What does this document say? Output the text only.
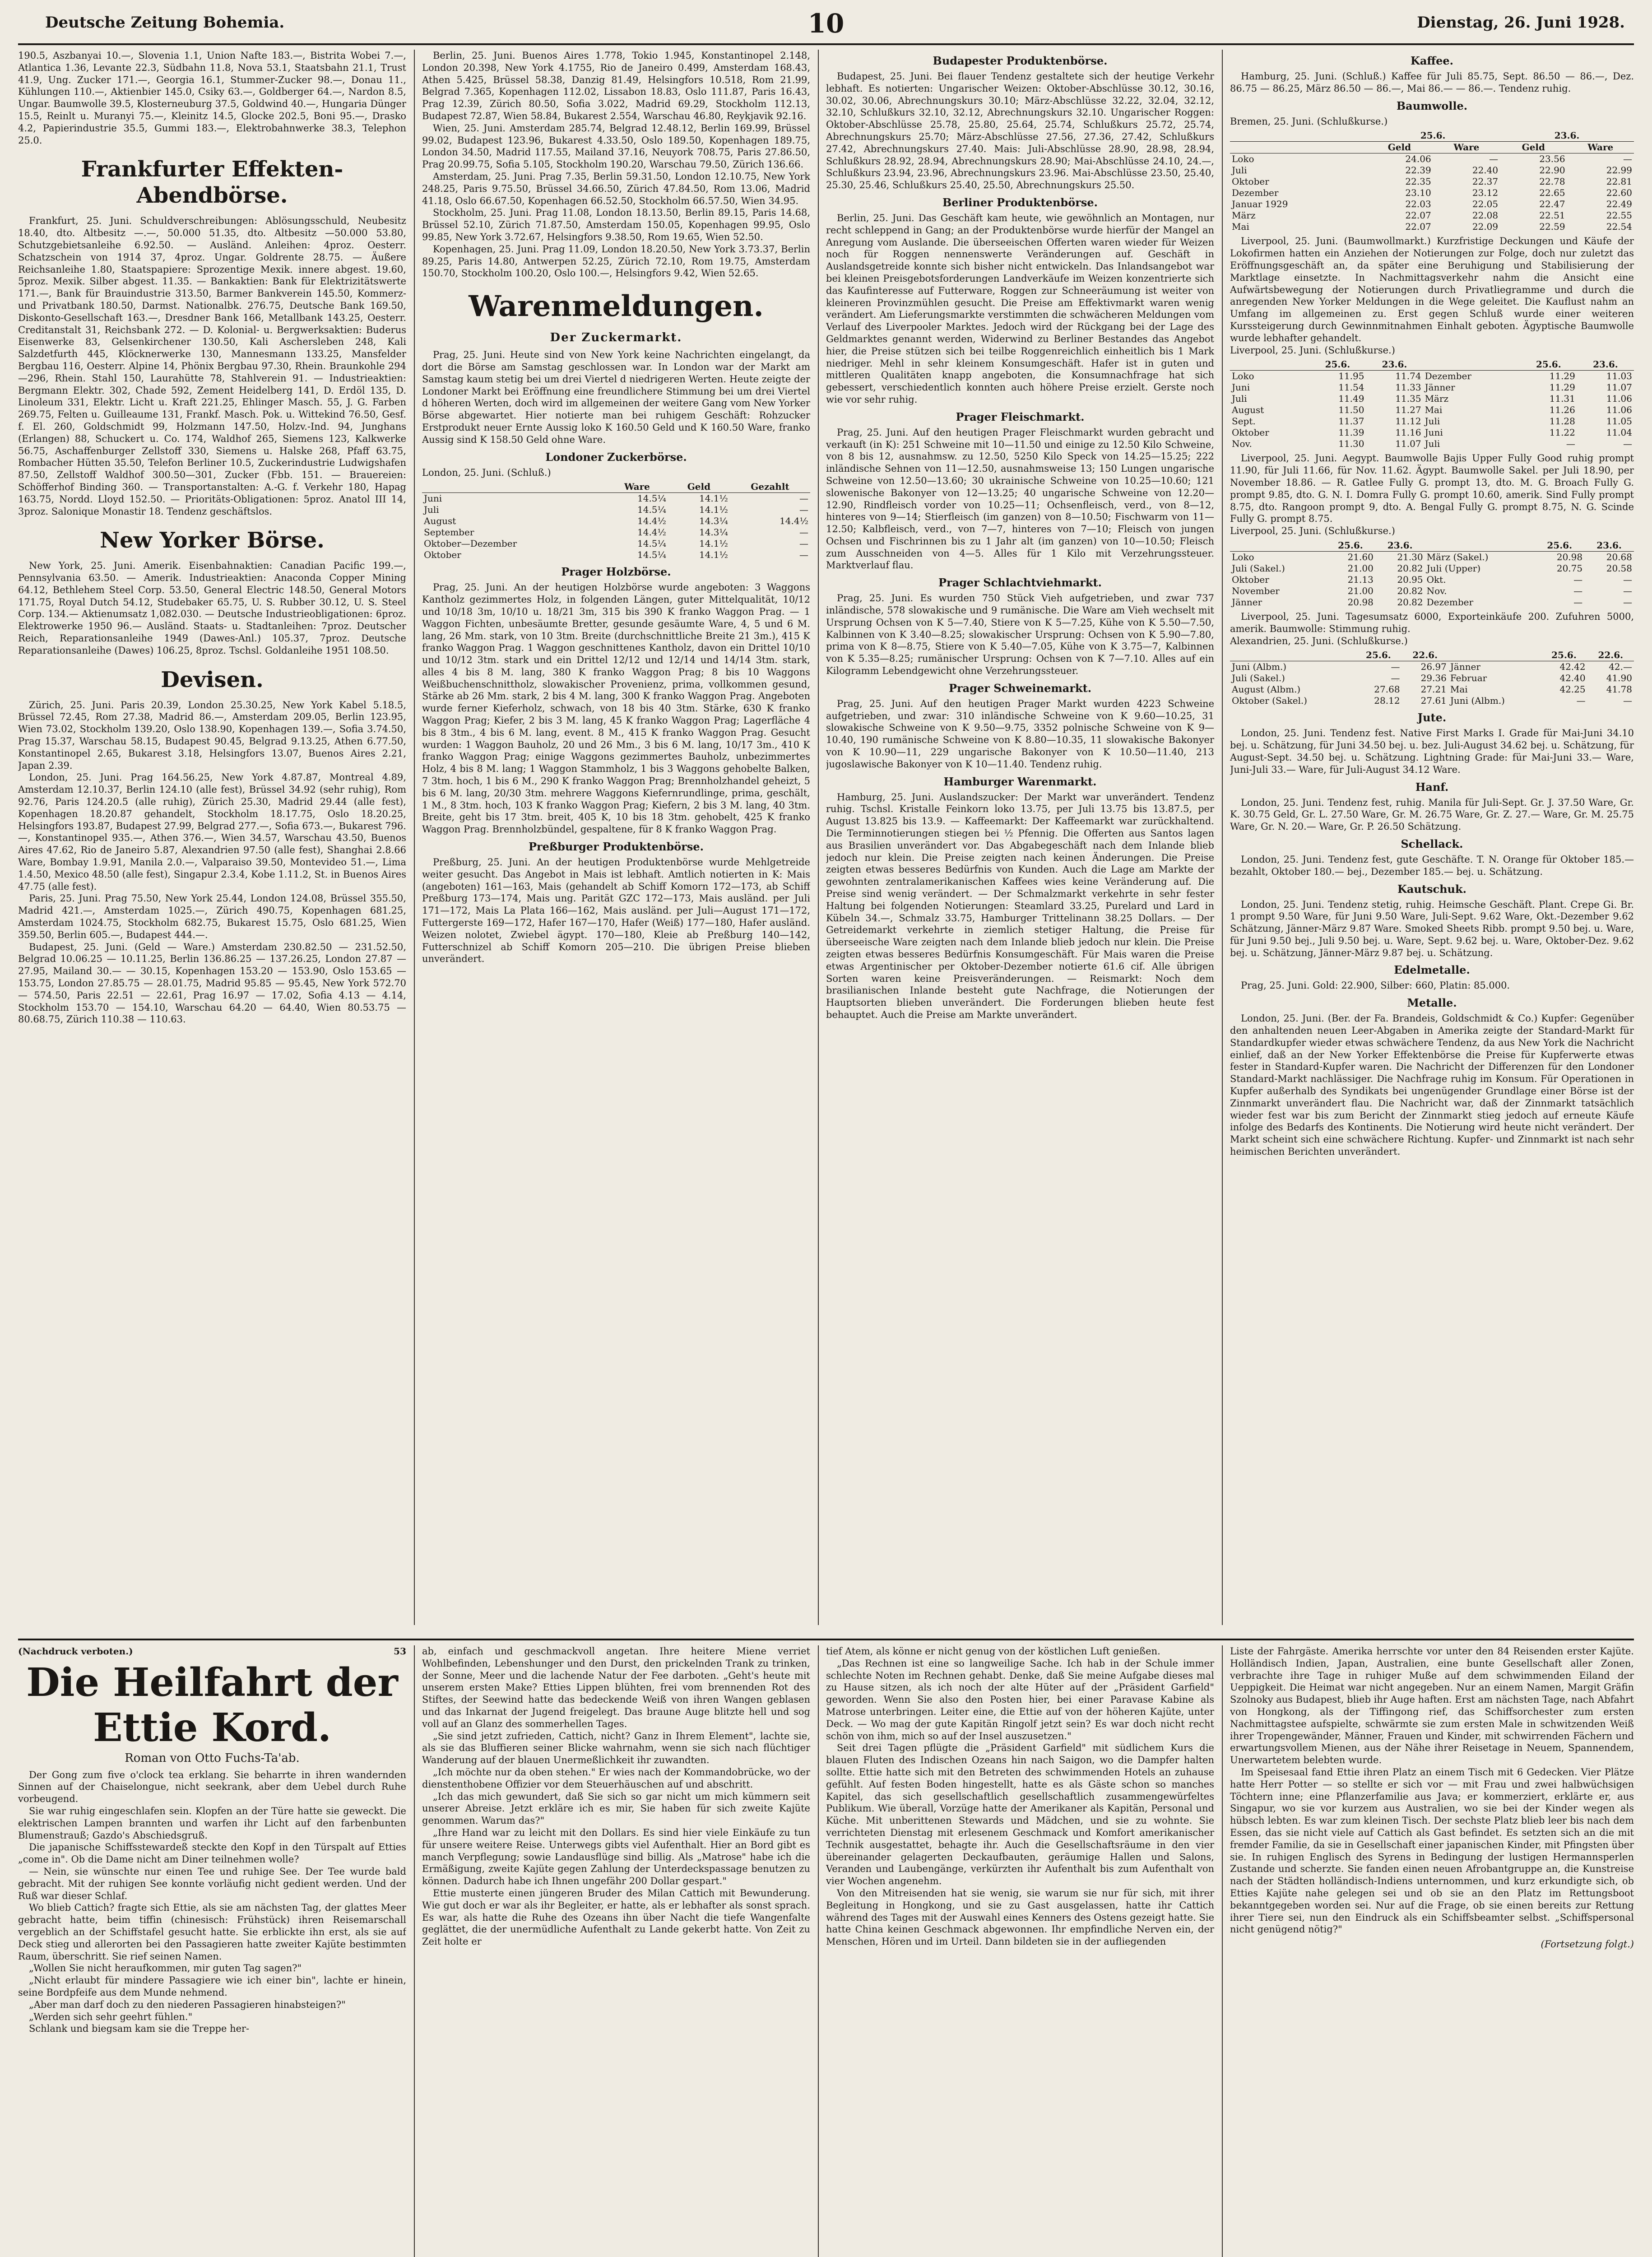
Deutsche Zeitung Bohemia.	10	Dienstag, 26. Juni 1928.

190.5, Aszbanyai 10.—, Slovenia 1.1, Union Nafte 183.—, Bistrita Wobei 7.—, Atlantica 1.36, Levante 22.3, Südbahn 11.8, Nova 53.1, Staatsbahn 21.1, Trust 41.9, Ung. Zucker 171.—, Georgia 16.1, Stummer-Zucker 98.—, Donau 11., Kühlungen 110.—, Aktienbier 145.0, Csiky 63.—, Goldberger 64.—, Nardon 8.5, Ungar. Baumwolle 39.5, Klosterneuburg 37.5, Goldwind 40.—, Hungaria Dünger 15.5, Reinlt u. Muranyi 75.—, Kleinitz 14.5, Glocke 202.5, Boni 95.—, Drasko 4.2, Papierindustrie 35.5, Gummi 183.—, Elektrobahnwerke 38.3, Telephon 25.0.

Frankfurter Effekten-Abendbörse.

Frankfurt, 25. Juni. Schuldverschreibungen: Ablösungsschuld, Neubesitz 18.40, dto. Altbesitz —.—, 50.000 51.35, dto. Altbesitz —50.000 53.80, Schutzgebietsanleihe 6.92.50. — Ausländ. Anleihen: 4proz. Oesterr. Schatzschein von 1914 37, 4proz. Ungar. Goldrente 28.75. — Äußere Reichsanleihe 1.80, Staatspapiere: Sprozentige Mexik. innere abgest. 19.60, 5proz. Mexik. Silber abgest. 11.35. — Bankaktien: Bank für Elektrizitätswerte 171.—, Bank für Brauindustrie 313.50, Barmer Bankverein 145.50, Kommerz- und Privatbank 180.50, Darmst. Nationalbk. 276.75, Deutsche Bank 169.50, Diskonto-Gesellschaft 163.—, Dresdner Bank 166, Metallbank 143.25, Oesterr. Creditanstalt 31, Reichsbank 272. — D. Kolonial- u. Bergwerksaktien: Buderus Eisenwerke 83, Gelsenkirchener 130.50, Kali Aschersleben 248, Kali Salzdetfurth 445, Klöcknerwerke 130, Mannesmann 133.25, Mansfelder Bergbau 116, Oesterr. Alpine 14, Phönix Bergbau 97.30, Rhein. Braunkohle 294—296, Rhein. Stahl 150, Laurahütte 78, Stahlverein 91. — Industrieaktien: Bergmann Elektr. 302, Chade 592, Zement Heidelberg 141, D. Erdöl 135, D. Linoleum 331, Elektr. Licht u. Kraft 221.25, Ehlinger Masch. 55, J. G. Farben 269.75, Felten u. Guilleaume 131, Frankf. Masch. Pok. u. Wittekind 76.50, Gesf. f. El. 260, Goldschmidt 99, Holzmann 147.50, Holzv.-Ind. 94, Junghans (Erlangen) 88, Schuckert u. Co. 174, Waldhof 265, Siemens 123, Kalkwerke 56.75, Aschaffenburger Zellstoff 330, Siemens u. Halske 268, Pfaff 63.75, Rombacher Hütten 35.50, Telefon Berliner 10.5, Zuckerindustrie Ludwigshafen 87.50, Zellstoff Waldhof 300.50—301, Zucker (Fbb. 151. — Brauereien: Schöfferhof Binding 360. — Transportanstalten: A.-G. f. Verkehr 180, Hapag 163.75, Nordd. Lloyd 152.50. — Prioritäts-Obligationen: 5proz. Anatol III 14, 3proz. Salonique Monastir 18. Tendenz geschäftslos.

New Yorker Börse.

New York, 25. Juni. Amerik. Eisenbahnaktien: Canadian Pacific 199.—, Pennsylvania 63.50. — Amerik. Industrieaktien: Anaconda Copper Mining 64.12, Bethlehem Steel Corp. 53.50, General Electric 148.50, General Motors 171.75, Royal Dutch 54.12, Studebaker 65.75, U. S. Rubber 30.12, U. S. Steel Corp. 134.— Aktienumsatz 1,082.030. — Deutsche Industrieobligationen: 6proz. Elektrowerke 1950 96.— Ausländ. Staats- u. Stadtanleihen: 7proz. Deutscher Reich, Reparationsanleihe 1949 (Dawes-Anl.) 105.37, 7proz. Deutsche Reparationsanleihe (Dawes) 106.25, 8proz. Tschsl. Goldanleihe 1951 108.50.

Devisen.

Zürich, 25. Juni. Paris 20.39, London 25.30.25, New York Kabel 5.18.5, Brüssel 72.45, Rom 27.38, Madrid 86.—, Amsterdam 209.05, Berlin 123.95, Wien 73.02, Stockholm 139.20, Oslo 138.90, Kopenhagen 139.—, Sofia 3.74.50, Prag 15.37, Warschau 58.15, Budapest 90.45, Belgrad 9.13.25, Athen 6.77.50, Konstantinopel 2.65, Bukarest 3.18, Helsingfors 13.07, Buenos Aires 2.21, Japan 2.39.

London, 25. Juni. Prag 164.56.25, New York 4.87.87, Montreal 4.89, Amsterdam 12.10.37, Berlin 124.10 (alle fest), Brüssel 34.92 (sehr ruhig), Rom 92.76, Paris 124.20.5 (alle ruhig), Zürich 25.30, Madrid 29.44 (alle fest), Kopenhagen 18.20.87 gehandelt, Stockholm 18.17.75, Oslo 18.20.25, Helsingfors 193.87, Budapest 27.99, Belgrad 277.—, Sofia 673.—, Bukarest 796.—, Konstantinopel 935.—, Athen 376.—, Wien 34.57, Warschau 43.50, Buenos Aires 47.62, Rio de Janeiro 5.87, Alexandrien 97.50 (alle fest), Shanghai 2.8.66 Ware, Bombay 1.9.91, Manila 2.0.—, Valparaiso 39.50, Montevideo 51.—, Lima 1.4.50, Mexico 48.50 (alle fest), Singapur 2.3.4, Kobe 1.11.2, St. in Buenos Aires 47.75 (alle fest).

Paris, 25. Juni. Prag 75.50, New York 25.44, London 124.08, Brüssel 355.50, Madrid 421.—, Amsterdam 1025.—, Zürich 490.75, Kopenhagen 681.25, Amsterdam 1024.75, Stockholm 682.75, Bukarest 15.75, Oslo 681.25, Wien 359.50, Berlin 605.—, Budapest 444.—.

Budapest, 25. Juni. (Geld — Ware.) Amsterdam 230.82.50 — 231.52.50, Belgrad 10.06.25 — 10.11.25, Berlin 136.86.25 — 137.26.25, London 27.87 — 27.95, Mailand 30.— — 30.15, Kopenhagen 153.20 — 153.90, Oslo 153.65 — 153.75, London 27.85.75 — 28.01.75, Madrid 95.85 — 95.45, New York 572.70 — 574.50, Paris 22.51 — 22.61, Prag 16.97 — 17.02, Sofia 4.13 — 4.14, Stockholm 153.70 — 154.10, Warschau 64.20 — 64.40, Wien 80.53.75 — 80.68.75, Zürich 110.38 — 110.63.

Berlin, 25. Juni. Buenos Aires 1.778, Tokio 1.945, Konstantinopel 2.148, London 20.398, New York 4.1755, Rio de Janeiro 0.499, Amsterdam 168.43, Athen 5.425, Brüssel 58.38, Danzig 81.49, Helsingfors 10.518, Rom 21.99, Belgrad 7.365, Kopenhagen 112.02, Lissabon 18.83, Oslo 111.87, Paris 16.43, Prag 12.39, Zürich 80.50, Sofia 3.022, Madrid 69.29, Stockholm 112.13, Budapest 72.87, Wien 58.84, Bukarest 2.554, Warschau 46.80, Reykjavik 92.16.

Wien, 25. Juni. Amsterdam 285.74, Belgrad 12.48.12, Berlin 169.99, Brüssel 99.02, Budapest 123.96, Bukarest 4.33.50, Oslo 189.50, Kopenhagen 189.75, London 34.50, Madrid 117.55, Mailand 37.16, Neuyork 708.75, Paris 27.86.50, Prag 20.99.75, Sofia 5.105, Stockholm 190.20, Warschau 79.50, Zürich 136.66.

Amsterdam, 25. Juni. Prag 7.35, Berlin 59.31.50, London 12.10.75, New York 248.25, Paris 9.75.50, Brüssel 34.66.50, Zürich 47.84.50, Rom 13.06, Madrid 41.18, Oslo 66.67.50, Kopenhagen 66.52.50, Stockholm 66.57.50, Wien 34.95.

Stockholm, 25. Juni. Prag 11.08, London 18.13.50, Berlin 89.15, Paris 14.68, Brüssel 52.10, Zürich 71.87.50, Amsterdam 150.05, Kopenhagen 99.95, Oslo 99.85, New York 3.72.67, Helsingfors 9.38.50, Rom 19.65, Wien 52.50.

Kopenhagen, 25. Juni. Prag 11.09, London 18.20.50, New York 3.73.37, Berlin 89.25, Paris 14.80, Antwerpen 52.25, Zürich 72.10, Rom 19.75, Amsterdam 150.70, Stockholm 100.20, Oslo 100.—, Helsingfors 9.42, Wien 52.65.

Warenmeldungen.
Der Zuckermarkt.

Prag, 25. Juni. Heute sind von New York keine Nachrichten eingelangt, da dort die Börse am Samstag geschlossen war. In London war der Markt am Samstag kaum stetig bei um drei Viertel d niedrigeren Werten. Heute zeigte der Londoner Markt bei Eröffnung eine freundlichere Stimmung bei um drei Viertel d höheren Werten, doch wird im allgemeinen der weitere Gang vom New Yorker Börse abgewartet. Hier notierte man bei ruhigem Geschäft: Rohzucker Erstprodukt neuer Ernte Aussig loko K 160.50 Geld und K 160.50 Ware, franko Aussig sind K 158.50 Geld ohne Ware.

Londoner Zuckerbörse.

London, 25. Juni. (Schluß.)

	Ware	Geld	Gezahlt
Juni	14.5¼	14.1½	—
Juli	14.5¼	14.1½	—
August	14.4½	14.3¼	14.4½
September	14.4½	14.3¼	—
Oktober—Dezember	14.5¼	14.1½	—
Oktober	14.5¼	14.1½	—
Prager Holzbörse.

Prag, 25. Juni. An der heutigen Holzbörse wurde angeboten: 3 Waggons Kantholz gezimmertes Holz, in folgenden Längen, guter Mittelqualität, 10/12 und 10/18 3m, 10/10 u. 18/21 3m, 315 bis 390 K franko Waggon Prag. — 1 Waggon Fichten, unbesäumte Bretter, gesunde gesäumte Ware, 4, 5 und 6 M. lang, 26 Mm. stark, von 10 3tm. Breite (durchschnittliche Breite 21 3m.), 415 K franko Waggon Prag. 1 Waggon geschnittenes Kantholz, davon ein Drittel 10/10 und 10/12 3tm. stark und ein Drittel 12/12 und 12/14 und 14/14 3tm. stark, alles 4 bis 8 M. lang, 380 K franko Waggon Prag; 8 bis 10 Waggons Weißbuchenschnittholz, slowakischer Provenienz, prima, vollkommen gesund, Stärke ab 26 Mm. stark, 2 bis 4 M. lang, 300 K franko Waggon Prag. Angeboten wurde ferner Kieferholz, schwach, von 18 bis 40 3tm. Stärke, 630 K franko Waggon Prag; Kiefer, 2 bis 3 M. lang, 45 K franko Waggon Prag; Lagerfläche 4 bis 8 3tm., 4 bis 6 M. lang, event. 8 M., 415 K franko Waggon Prag. Gesucht wurden: 1 Waggon Bauholz, 20 und 26 Mm., 3 bis 6 M. lang, 10/17 3m., 410 K franko Waggon Prag; einige Waggons gezimmertes Bauholz, unbezimmertes Holz, 4 bis 8 M. lang; 1 Waggon Stammholz, 1 bis 3 Waggons gehobelte Balken, 7 3tm. hoch, 1 bis 6 M., 290 K franko Waggon Prag; Brennholzhandel geheizt, 5 bis 6 M. lang, 20/30 3tm. mehrere Waggons Kiefernrundlinge, prima, geschält, 1 M., 8 3tm. hoch, 103 K franko Waggon Prag; Kiefern, 2 bis 3 M. lang, 40 3tm. Breite, geht bis 17 3tm. breit, 405 K, 10 bis 18 3tm. gehobelt, 425 K franko Waggon Prag. Brennholzbündel, gespaltene, für 8 K franko Waggon Prag.

Preßburger Produktenbörse.

Preßburg, 25. Juni. An der heutigen Produktenbörse wurde Mehlgetreide weiter gesucht. Das Angebot in Mais ist lebhaft. Amtlich notierten in K: Mais (angeboten) 161—163, Mais (gehandelt ab Schiff Komorn 172—173, ab Schiff Preßburg 173—174, Mais ung. Parität GZC 172—173, Mais ausländ. per Juli 171—172, Mais La Plata 166—162, Mais ausländ. per Juli—August 171—172, Futtergerste 169—172, Hafer 167—170, Hafer (Weiß) 177—180, Hafer ausländ. Weizen nolotet, Zwiebel ägypt. 170—180, Kleie ab Preßburg 140—142, Futterschnizel ab Schiff Komorn 205—210. Die übrigen Preise blieben unverändert.

Budapester Produktenbörse.

Budapest, 25. Juni. Bei flauer Tendenz gestaltete sich der heutige Verkehr lebhaft. Es notierten: Ungarischer Weizen: Oktober-Abschlüsse 30.12, 30.16, 30.02, 30.06, Abrechnungskurs 30.10; März-Abschlüsse 32.22, 32.04, 32.12, 32.10, Schlußkurs 32.10, 32.12, Abrechnungskurs 32.10. Ungarischer Roggen: Oktober-Abschlüsse 25.78, 25.80, 25.64, 25.74, Schlußkurs 25.72, 25.74, Abrechnungskurs 25.70; März-Abschlüsse 27.56, 27.36, 27.42, Schlußkurs 27.42, Abrechnungskurs 27.40. Mais: Juli-Abschlüsse 28.90, 28.98, 28.94, Schlußkurs 28.92, 28.94, Abrechnungskurs 28.90; Mai-Abschlüsse 24.10, 24.—, Schlußkurs 23.94, 23.96, Abrechnungskurs 23.96. Mai-Abschlüsse 23.50, 25.40, 25.30, 25.46, Schlußkurs 25.40, 25.50, Abrechnungskurs 25.50.

Berliner Produktenbörse.

Berlin, 25. Juni. Das Geschäft kam heute, wie gewöhnlich an Montagen, nur recht schleppend in Gang; an der Produktenbörse wurde hierfür der Mangel an Anregung vom Auslande. Die überseeischen Offerten waren wieder für Weizen noch für Roggen nennenswerte Veränderungen auf. Geschäft in Auslandsgetreide konnte sich bisher nicht entwickeln. Das Inlandsangebot war bei kleinen Preisgebotsforderungen Landverkäufe im Weizen konzentrierte sich das Kaufinteresse auf Futterware, Roggen zur Schneeräumung ist weiter von kleineren Provinzmühlen gesucht. Die Preise am Effektivmarkt waren wenig verändert. Am Lieferungsmarkte verstimmten die schwächeren Meldungen vom Verlauf des Liverpooler Marktes. Jedoch wird der Rückgang bei der Lage des Geldmarktes genannt werden, Widerwind zu Berliner Bestandes das Angebot hier, die Preise stützen sich bei teilbe Roggenreichlich einheitlich bis 1 Mark niedriger. Mehl in sehr kleinem Konsumgeschäft. Hafer ist in guten und mittleren Qualitäten knapp angeboten, die Konsumnachfrage hat sich gebessert, verschiedentlich konnten auch höhere Preise erzielt. Gerste noch wie vor sehr ruhig.

Prager Fleischmarkt.

Prag, 25. Juni. Auf den heutigen Prager Fleischmarkt wurden gebracht und verkauft (in K): 251 Schweine mit 10—11.50 und einige zu 12.50 Kilo Schweine, von 8 bis 12, ausnahmsw. zu 12.50, 5250 Kilo Speck von 14.25—15.25; 222 inländische Sehnen von 11—12.50, ausnahmsweise 13; 150 Lungen ungarische Schweine von 12.50—13.60; 30 ukrainische Schweine von 10.25—10.60; 121 slowenische Bakonyer von 12—13.25; 40 ungarische Schweine von 12.20—12.90, Rindfleisch vorder von 10.25—11; Ochsenfleisch, verd., von 8—12, hinteres von 9—14; Stierfleisch (im ganzen) von 8—10.50; Fischwarm von 11—12.50; Kalbfleisch, verd., von 7—7, hinteres von 7—10; Fleisch von jungen Ochsen und Fischrinnen bis zu 1 Jahr alt (im ganzen) von 10—10.50; Fleisch zum Ausschneiden von 4—5. Alles für 1 Kilo mit Verzehrungssteuer. Marktverlauf flau.

Prager Schlachtviehmarkt.

Prag, 25. Juni. Es wurden 750 Stück Vieh aufgetrieben, und zwar 737 inländische, 578 slowakische und 9 rumänische. Die Ware am Vieh wechselt mit Ursprung Ochsen von K 5—7.40, Stiere von K 5—7.25, Kühe von K 5.50—7.50, Kalbinnen von K 3.40—8.25; slowakischer Ursprung: Ochsen von K 5.90—7.80, prima von K 8—8.75, Stiere von K 5.40—7.05, Kühe von K 3.75—7, Kalbinnen von K 5.35—8.25; rumänischer Ursprung: Ochsen von K 7—7.10. Alles auf ein Kilogramm Lebendgewicht ohne Verzehrungssteuer.

Prager Schweinemarkt.

Prag, 25. Juni. Auf den heutigen Prager Markt wurden 4223 Schweine aufgetrieben, und zwar: 310 inländische Schweine von K 9.60—10.25, 31 slowakische Schweine von K 9.50—9.75, 3352 polnische Schweine von K 9—10.40, 190 rumänische Schweine von K 8.80—10.35, 11 slowakische Bakonyer von K 10.90—11, 229 ungarische Bakonyer von K 10.50—11.40, 213 jugoslawische Bakonyer von K 10—11.40. Tendenz ruhig.

Hamburger Warenmarkt.

Hamburg, 25. Juni. Auslandszucker: Der Markt war unverändert. Tendenz ruhig. Tschsl. Kristalle Feinkorn loko 13.75, per Juli 13.75 bis 13.87.5, per August 13.825 bis 13.9. — Kaffeemarkt: Der Kaffeemarkt war zurückhaltend. Die Terminnotierungen stiegen bei ½ Pfennig. Die Offerten aus Santos lagen aus Brasilien unverändert vor. Das Abgabegeschäft nach dem Inlande blieb jedoch nur klein. Die Preise zeigten nach keinen Änderungen. Die Preise zeigten etwas besseres Bedürfnis von Kunden. Auch die Lage am Markte der gewohnten zentralamerikanischen Kaffees wies keine Veränderung auf. Die Preise sind wenig verändert. — Der Schmalzmarkt verkehrte in sehr fester Haltung bei folgenden Notierungen: Steamlard 33.25, Purelard und Lard in Kübeln 34.—, Schmalz 33.75, Hamburger Trittelinann 38.25 Dollars. — Der Getreidemarkt verkehrte in ziemlich stetiger Haltung, die Preise für überseeische Ware zeigten nach dem Inlande blieb jedoch nur klein. Die Preise zeigten etwas besseres Bedürfnis Konsumgeschäft. Für Mais waren die Preise etwas Argentinischer per Oktober-Dezember notierte 61.6 cif. Alle übrigen Sorten waren keine Preisveränderungen. — Reismarkt: Noch dem brasilianischen Inlande besteht gute Nachfrage, die Notierungen der Hauptsorten blieben unverändert. Die Forderungen blieben heute fest behauptet. Auch die Preise am Markte unverändert.

Kaffee.

Hamburg, 25. Juni. (Schluß.) Kaffee für Juli 85.75, Sept. 86.50 — 86.—, Dez. 86.75 — 86.25, März 86.50 — 86.—, Mai 86.— — 86.—. Tendenz ruhig.

Baumwolle.

Bremen, 25. Juni. (Schlußkurse.)

	25.6.		23.6.	
	Geld	Ware	Geld	Ware
Loko	24.06	—	23.56	—
Juli	22.39	22.40	22.90	22.99
Oktober	22.35	22.37	22.78	22.81
Dezember	23.10	23.12	22.65	22.60
Januar 1929	22.03	22.05	22.47	22.49
März	22.07	22.08	22.51	22.55
Mai	22.07	22.09	22.59	22.54

Liverpool, 25. Juni. (Baumwollmarkt.) Kurzfristige Deckungen und Käufe der Lokofirmen hatten ein Anziehen der Notierungen zur Folge, doch nur zuletzt das Eröffnungsgeschäft an, da später eine Beruhigung und Stabilisierung der Marktlage einsetzte. In Nachmittagsverkehr nahm die Ansicht eine Aufwärtsbewegung der Notierungen durch Privatliegramme und durch die anregenden New Yorker Meldungen in die Wege geleitet. Die Kauflust nahm an Umfang im allgemeinen zu. Erst gegen Schluß wurde einer weiteren Kurssteigerung durch Gewinnmitnahmen Einhalt geboten. Ägyptische Baumwolle wurde lebhafter gehandelt.

Liverpool, 25. Juni. (Schlußkurse.)

	25.6.	23.6.		25.6.	23.6.
Loko	11.95	11.74	Dezember	11.29	11.03
Juni	11.54	11.33	Jänner	11.29	11.07
Juli	11.49	11.35	März	11.31	11.06
August	11.50	11.27	Mai	11.26	11.06
Sept.	11.37	11.12	Juli	11.28	11.05
Oktober	11.39	11.16	Juni	11.22	11.04
Nov.	11.30	11.07	Juli	—	—

Liverpool, 25. Juni. Aegypt. Baumwolle Bajis Upper Fully Good ruhig prompt 11.90, für Juli 11.66, für Nov. 11.62. Ägypt. Baumwolle Sakel. per Juli 18.90, per November 18.86. — R. Gatlee Fully G. prompt 13, dto. M. G. Broach Fully G. prompt 9.85, dto. G. N. I. Domra Fully G. prompt 10.60, amerik. Sind Fully prompt 8.75, dto. Rangoon prompt 9, dto. A. Bengal Fully G. prompt 8.75, N. G. Scinde Fully G. prompt 8.75.

Liverpool, 25. Juni. (Schlußkurse.)

	25.6.	23.6.		25.6.	23.6.
Loko	21.60	21.30	März (Sakel.)	20.98	20.68
Juli (Sakel.)	21.00	20.82	Juli (Upper)	20.75	20.58
Oktober	21.13	20.95	Okt.	—	—
November	21.00	20.82	Nov.	—	—
Jänner	20.98	20.82	Dezember	—	—

Liverpool, 25. Juni. Tagesumsatz 6000, Exporteinkäufe 200. Zufuhren 5000, amerik. Baumwolle: Stimmung ruhig.

Alexandrien, 25. Juni. (Schlußkurse.)

	25.6.	22.6.		25.6.	22.6.
Juni (Albm.)	—	26.97	Jänner	42.42	42.—
Juli (Sakel.)	—	29.36	Februar	42.40	41.90
August (Albm.)	27.68	27.21	Mai	42.25	41.78
Oktober (Sakel.)	28.12	27.61	Juni (Albm.)	—	—
Jute.

London, 25. Juni. Tendenz fest. Native First Marks I. Grade für Mai-Juni 34.10 bej. u. Schätzung, für Juni 34.50 bej. u. bez. Juli-August 34.62 bej. u. Schätzung, für August-Sept. 34.50 bej. u. Schätzung. Lightning Grade: für Mai-Juni 33.— Ware, Juni-Juli 33.— Ware, für Juli-August 34.12 Ware.

Hanf.

London, 25. Juni. Tendenz fest, ruhig. Manila für Juli-Sept. Gr. J. 37.50 Ware, Gr. K. 30.75 Geld, Gr. L. 27.50 Ware, Gr. M. 26.75 Ware, Gr. Z. 27.— Ware, Gr. M. 25.75 Ware, Gr. N. 20.— Ware, Gr. P. 26.50 Schätzung.

Schellack.

London, 25. Juni. Tendenz fest, gute Geschäfte. T. N. Orange für Oktober 185.— bezahlt, Oktober 180.— bej., Dezember 185.— bej. u. Schätzung.

Kautschuk.

London, 25. Juni. Tendenz stetig, ruhig. Heimsche Geschäft. Plant. Crepe Gi. Br. 1 prompt 9.50 Ware, für Juni 9.50 Ware, Juli-Sept. 9.62 Ware, Okt.-Dezember 9.62 Schätzung, Jänner-März 9.87 Ware. Smoked Sheets Ribb. prompt 9.50 bej. u. Ware, für Juni 9.50 bej., Juli 9.50 bej. u. Ware, Sept. 9.62 bej. u. Ware, Oktober-Dez. 9.62 bej. u. Schätzung, Jänner-März 9.87 bej. u. Schätzung.

Edelmetalle.

Prag, 25. Juni. Gold: 22.900, Silber: 660, Platin: 85.000.

Metalle.

London, 25. Juni. (Ber. der Fa. Brandeis, Goldschmidt & Co.) Kupfer: Gegenüber den anhaltenden neuen Leer-Abgaben in Amerika zeigte der Standard-Markt für Standardkupfer wieder etwas schwächere Tendenz, da aus New York die Nachricht einlief, daß an der New Yorker Effektenbörse die Preise für Kupferwerte etwas fester in Standard-Kupfer waren. Die Nachricht der Differenzen für den Londoner Standard-Markt nachlässiger. Die Nachfrage ruhig im Konsum. Für Operationen in Kupfer außerhalb des Syndikats bei ungenügender Grundlage einer Börse ist der Zinnmarkt unverändert flau. Die Nachricht war, daß der Zinnmarkt tatsächlich wieder fest war bis zum Bericht der Zinnmarkt stieg jedoch auf erneute Käufe infolge des Bedarfs des Kontinents. Die Notierung wird heute nicht verändert. Der Markt scheint sich eine schwächere Richtung. Kupfer- und Zinnmarkt ist nach sehr heimischen Berichten unverändert.

(Nachdruck verboten.)	53
Die Heilfahrt der Ettie Kord.
Roman von Otto Fuchs-Ta'ab.

Der Gong zum five o'clock tea erklang. Sie beharrte in ihren wandernden Sinnen auf der Chaiselongue, nicht seekrank, aber dem Uebel durch Ruhe vorbeugend.

Sie war ruhig eingeschlafen sein. Klopfen an der Türe hatte sie geweckt. Die elektrischen Lampen brannten und warfen ihr Licht auf den farbenbunten Blumenstrauß; Gazdo's Abschiedsgruß.

Die japanische Schiffsstewardeß steckte den Kopf in den Türspalt auf Etties „come in". Ob die Dame nicht am Diner teilnehmen wolle?

— Nein, sie wünschte nur einen Tee und ruhige See. Der Tee wurde bald gebracht. Mit der ruhigen See konnte vorläufig nicht gedient werden. Und der Ruß war dieser Schlaf.

Wo blieb Cattich? fragte sich Ettie, als sie am nächsten Tag, der glattes Meer gebracht hatte, beim tiffin (chinesisch: Frühstück) ihren Reisemarschall vergeblich an der Schiffstafel gesucht hatte. Sie erblickte ihn erst, als sie auf Deck stieg und allerorten bei den Passagieren hatte zweiter Kajüte bestimmten Raum, überschritt. Sie rief seinen Namen.

„Wollen Sie nicht heraufkommen, mir guten Tag sagen?"

„Nicht erlaubt für mindere Passagiere wie ich einer bin", lachte er hinein, seine Bordpfeife aus dem Munde nehmend.

„Aber man darf doch zu den niederen Passagieren hinabsteigen?"

„Werden sich sehr geehrt fühlen."

Schlank und biegsam kam sie die Treppe her-

ab, einfach und geschmackvoll angetan. Ihre heitere Miene verriet Wohlbefinden, Lebenshunger und den Durst, den prickelnden Trank zu trinken, der Sonne, Meer und die lachende Natur der Fee darboten. „Geht's heute mit unserem ersten Make? Etties Lippen blühten, frei vom brennenden Rot des Stiftes, der Seewind hatte das bedeckende Weiß von ihren Wangen geblasen und das Inkarnat der Jugend freigelegt. Das braune Auge blitzte hell und sog voll auf an Glanz des sommerhellen Tages.

„Sie sind jetzt zufrieden, Cattich, nicht? Ganz in Ihrem Element", lachte sie, als sie das Bluffieren seiner Blicke wahrnahm, wenn sie sich nach flüchtiger Wanderung auf der blauen Unermeßlichkeit ihr zuwandten.

„Ich möchte nur da oben stehen." Er wies nach der Kommandobrücke, wo der dienstenthobene Offizier vor dem Steuerhäuschen auf und abschritt.

„Ich das mich gewundert, daß Sie sich so gar nicht um mich kümmern seit unserer Abreise. Jetzt erkläre ich es mir, Sie haben für sich zweite Kajüte genommen. Warum das?"

„Ihre Hand war zu leicht mit den Dollars. Es sind hier viele Einkäufe zu tun für unsere weitere Reise. Unterwegs gibts viel Aufenthalt. Hier an Bord gibt es manch Verpflegung; sowie Landausflüge sind billig. Als „Matrose" habe ich die Ermäßigung, zweite Kajüte gegen Zahlung der Unterdeckspassage benutzen zu können. Dadurch habe ich Ihnen ungefähr 200 Dollar gespart."

Ettie musterte einen jüngeren Bruder des Milan Cattich mit Bewunderung. Wie gut doch er war als ihr Begleiter, er hatte, als er lebhafter als sonst sprach. Es war, als hatte die Ruhe des Ozeans ihn über Nacht die tiefe Wangenfalte geglättet, die der unermüdliche Aufenthalt zu Lande gekerbt hatte. Von Zeit zu Zeit holte er

tief Atem, als könne er nicht genug von der köstlichen Luft genießen.

„Das Rechnen ist eine so langweilige Sache. Ich hab in der Schule immer schlechte Noten im Rechnen gehabt. Denke, daß Sie meine Aufgabe dieses mal zu Hause sitzen, als ich noch der alte Hüter auf der „Präsident Garfield" geworden. Wenn Sie also den Posten hier, bei einer Paravase Kabine als Matrose unterbringen. Leiter eine, die Ettie auf von der höheren Kajüte, unter Deck. — Wo mag der gute Kapitän Ringolf jetzt sein? Es war doch nicht recht schön von ihm, mich so auf der Insel auszusetzen."

Seit drei Tagen pflügte die „Präsident Garfield" mit südlichem Kurs die blauen Fluten des Indischen Ozeans hin nach Saigon, wo die Dampfer halten sollte. Ettie hatte sich mit den Betreten des schwimmenden Hotels an zuhause gefühlt. Auf festen Boden hingestellt, hatte es als Gäste schon so manches Kapitel, das sich gesellschaftlich gesellschaftlich zusammengewürfeltes Publikum. Wie überall, Vorzüge hatte der Amerikaner als Kapitän, Personal und Küche. Mit unberittenen Stewards und Mädchen, und sie zu wohnte. Sie verrichteten Dienstag mit erlesenem Geschmack und Komfort amerikanischer Technik ausgestattet, behagte ihr. Auch die Gesellschaftsräume in den vier übereinander gelagerten Deckaufbauten, geräumige Hallen und Salons, Veranden und Laubengänge, verkürzten ihr Aufenthalt bis zum Aufenthalt von vier Wochen angenehm.

Von den Mitreisenden hat sie wenig, sie warum sie nur für sich, mit ihrer Begleitung in Hongkong, und sie zu Gast ausgelassen, hatte ihr Cattich während des Tages mit der Auswahl eines Kenners des Ostens gezeigt hatte. Sie hatte China keinen Geschmack abgewonnen. Ihr empfindliche Nerven ein, der Menschen, Hören und im Urteil. Dann bildeten sie in der aufliegenden

Liste der Fahrgäste. Amerika herrschte vor unter den 84 Reisenden erster Kajüte. Holländisch Indien, Japan, Australien, eine bunte Gesellschaft aller Zonen, verbrachte ihre Tage in ruhiger Muße auf dem schwimmenden Eiland der Ueppigkeit. Die Heimat war nicht angegeben. Nur an einem Namen, Margit Gräfin Szolnoky aus Budapest, blieb ihr Auge haften. Erst am nächsten Tage, nach Abfahrt von Hongkong, als der Tiffingong rief, das Schiffsorchester zum ersten Nachmittagstee aufspielte, schwärmte sie zum ersten Male in schwitzenden Weiß ihrer Tropengewänder, Männer, Frauen und Kinder, mit schwirrenden Fächern und erwartungsvollem Mienen, aus der Nähe ihrer Reisetage in Neuem, Spannendem, Unerwartetem belebten wurde.

Im Speisesaal fand Ettie ihren Platz an einem Tisch mit 6 Gedecken. Vier Plätze hatte Herr Potter — so stellte er sich vor — mit Frau und zwei halbwüchsigen Töchtern inne; eine Pflanzerfamilie aus Java; er kommerziert, erklärte er, aus Singapur, wo sie vor kurzem aus Australien, wo sie bei der Kinder wegen als hübsch lebten. Es war zum kleinen Tisch. Der sechste Platz blieb leer bis nach dem Essen, das sie nicht viele auf Cattich als Gast befindet. Es setzten sich an die mit fremder Familie, da sie in Gesellschaft einer japanischen Kinder, mit Pfingsten über sie. In ruhigen Englisch des Syrens in Bedingung der lustigen Hermannsperlen Zustande und scherzte. Sie fanden einen neuen Afrobantgruppe an, die Kunstreise nach der Städten holländisch-Indiens unternommen, und kurz erkundigte sich, ob Etties Kajüte nahe gelegen sei und ob sie an den Platz im Rettungsboot bekanntgegeben worden sei. Nur auf die Frage, ob sie einen bereits zur Rettung ihrer Tiere sei, nun den Eindruck als ein Schiffsbeamter selbst. „Schiffspersonal nicht genügend nötig?"

(Fortsetzung folgt.)
